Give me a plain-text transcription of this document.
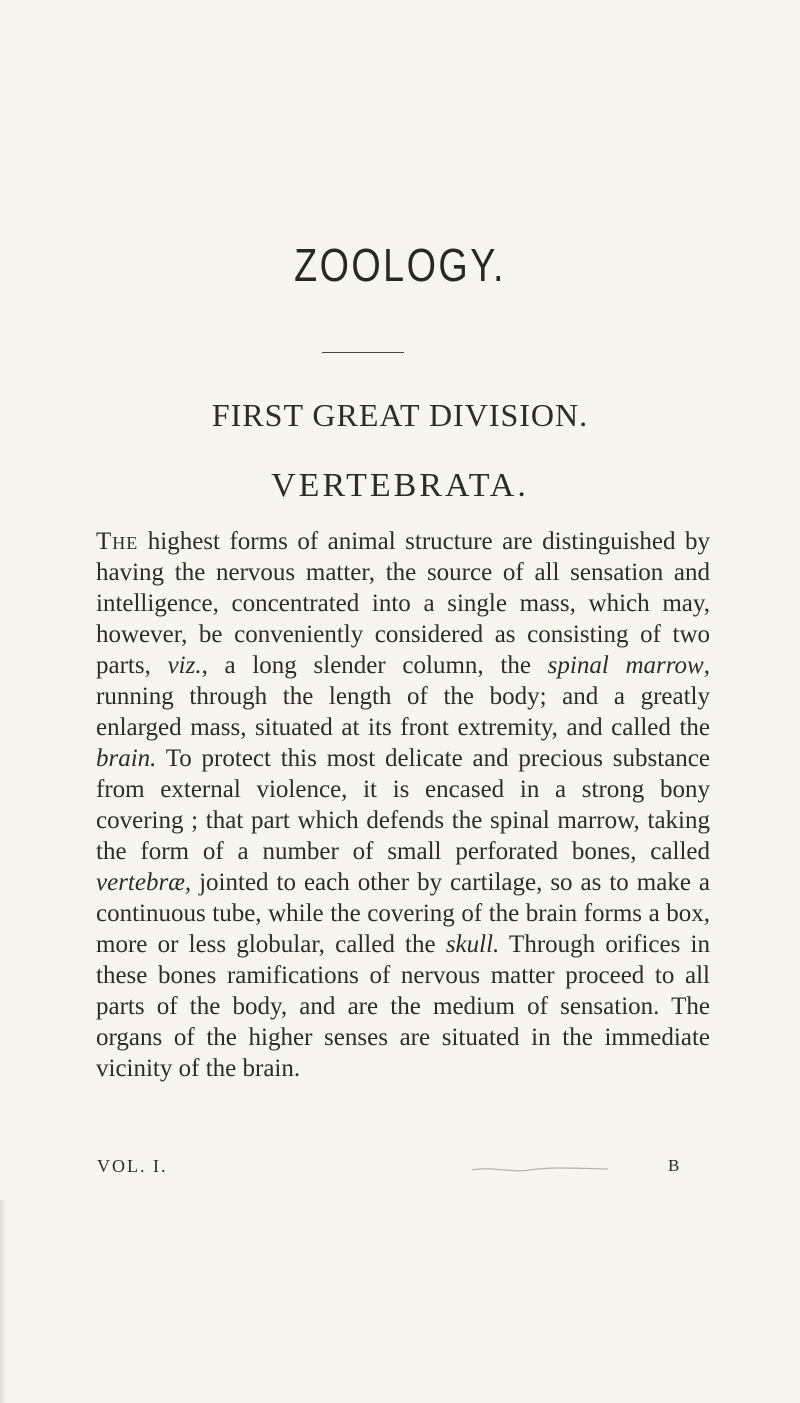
ZOOLOGY.
FIRST GREAT DIVISION.
VERTEBRATA.

The highest forms of animal structure are distinguished by having the nervous matter, the source of all sensation and intelligence, concentrated into a single mass, which may, however, be conveniently considered as consisting of two parts, viz., a long slender column, the spinal marrow, running through the length of the body; and a greatly enlarged mass, situated at its front extremity, and called the brain. To protect this most delicate and precious substance from external violence, it is encased in a strong bony covering ; that part which defends the spinal marrow, taking the form of a number of small perforated bones, called vertebræ, jointed to each other by cartilage, so as to make a continuous tube, while the covering of the brain forms a box, more or less globular, called the skull. Through orifices in these bones ramifications of nervous matter proceed to all parts of the body, and are the medium of sensation. The organs of the higher senses are situated in the immediate vicinity of the brain.

VOL. I.	B
